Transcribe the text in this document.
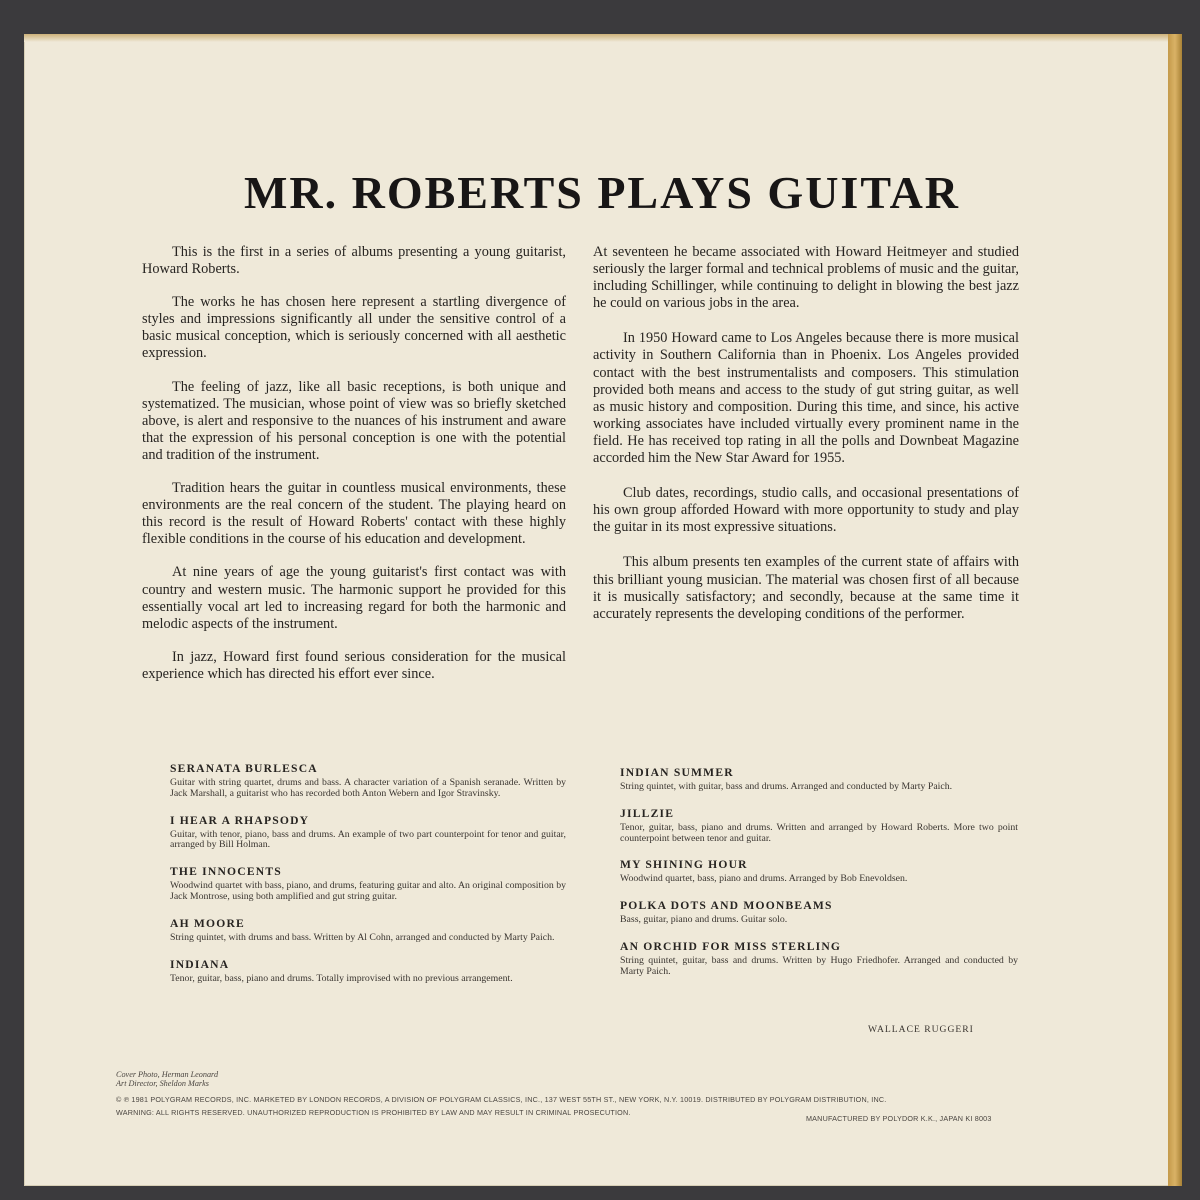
MR. ROBERTS PLAYS GUITAR

This is the first in a series of albums presenting a young guitarist, Howard Roberts.

The works he has chosen here represent a startling divergence of styles and impressions significantly all under the sensitive control of a basic musical conception, which is seriously concerned with all aesthetic expression.

The feeling of jazz, like all basic receptions, is both unique and systematized. The musician, whose point of view was so briefly sketched above, is alert and responsive to the nuances of his instrument and aware that the expression of his personal conception is one with the potential and tradition of the instrument.

Tradition hears the guitar in countless musical environments, these environments are the real concern of the student. The playing heard on this record is the result of Howard Roberts' contact with these highly flexible conditions in the course of his education and development.

At nine years of age the young guitarist's first contact was with country and western music. The harmonic support he provided for this essentially vocal art led to increasing regard for both the harmonic and melodic aspects of the instrument.

In jazz, Howard first found serious consideration for the musical experience which has directed his effort ever since.

At seventeen he became associated with Howard Heitmeyer and studied seriously the larger formal and technical problems of music and the guitar, including Schillinger, while continuing to delight in blowing the best jazz he could on various jobs in the area.

In 1950 Howard came to Los Angeles because there is more musical activity in Southern California than in Phoenix. Los Angeles provided contact with the best instrumentalists and composers. This stimulation provided both means and access to the study of gut string guitar, as well as music history and composition. During this time, and since, his active working associates have included virtually every prominent name in the field. He has received top rating in all the polls and Downbeat Magazine accorded him the New Star Award for 1955.

Club dates, recordings, studio calls, and occasional presentations of his own group afforded Howard with more opportunity to study and play the guitar in its most expressive situations.

This album presents ten examples of the current state of affairs with this brilliant young musician. The material was chosen first of all because it is musically satisfactory; and secondly, because at the same time it accurately represents the developing conditions of the performer.

SERANATA BURLESCA
Guitar with string quartet, drums and bass. A character variation of a Spanish seranade. Written by Jack Marshall, a guitarist who has recorded both Anton Webern and Igor Stravinsky.
I HEAR A RHAPSODY
Guitar, with tenor, piano, bass and drums. An example of two part counterpoint for tenor and guitar, arranged by Bill Holman.
THE INNOCENTS
Woodwind quartet with bass, piano, and drums, featuring guitar and alto. An original composition by Jack Montrose, using both amplified and gut string guitar.
AH MOORE
String quintet, with drums and bass. Written by Al Cohn, arranged and conducted by Marty Paich.
INDIANA
Tenor, guitar, bass, piano and drums. Totally improvised with no previous arrangement.
INDIAN SUMMER
String quintet, with guitar, bass and drums. Arranged and conducted by Marty Paich.
JILLZIE
Tenor, guitar, bass, piano and drums. Written and arranged by Howard Roberts. More two point counterpoint between tenor and guitar.
MY SHINING HOUR
Woodwind quartet, bass, piano and drums. Arranged by Bob Enevoldsen.
POLKA DOTS AND MOONBEAMS
Bass, guitar, piano and drums. Guitar solo.
AN ORCHID FOR MISS STERLING
String quintet, guitar, bass and drums. Written by Hugo Friedhofer. Arranged and conducted by Marty Paich.
WALLACE RUGGERI
Cover Photo, Herman Leonard
Art Director, Sheldon Marks
© ℗ 1981 POLYGRAM RECORDS, INC. MARKETED BY LONDON RECORDS, A DIVISION OF POLYGRAM CLASSICS, INC., 137 WEST 55TH ST., NEW YORK, N.Y. 10019. DISTRIBUTED BY POLYGRAM DISTRIBUTION, INC.
WARNING: ALL RIGHTS RESERVED. UNAUTHORIZED REPRODUCTION IS PROHIBITED BY LAW AND MAY RESULT IN CRIMINAL PROSECUTION.
MANUFACTURED BY POLYDOR K.K., JAPAN KI 8003
